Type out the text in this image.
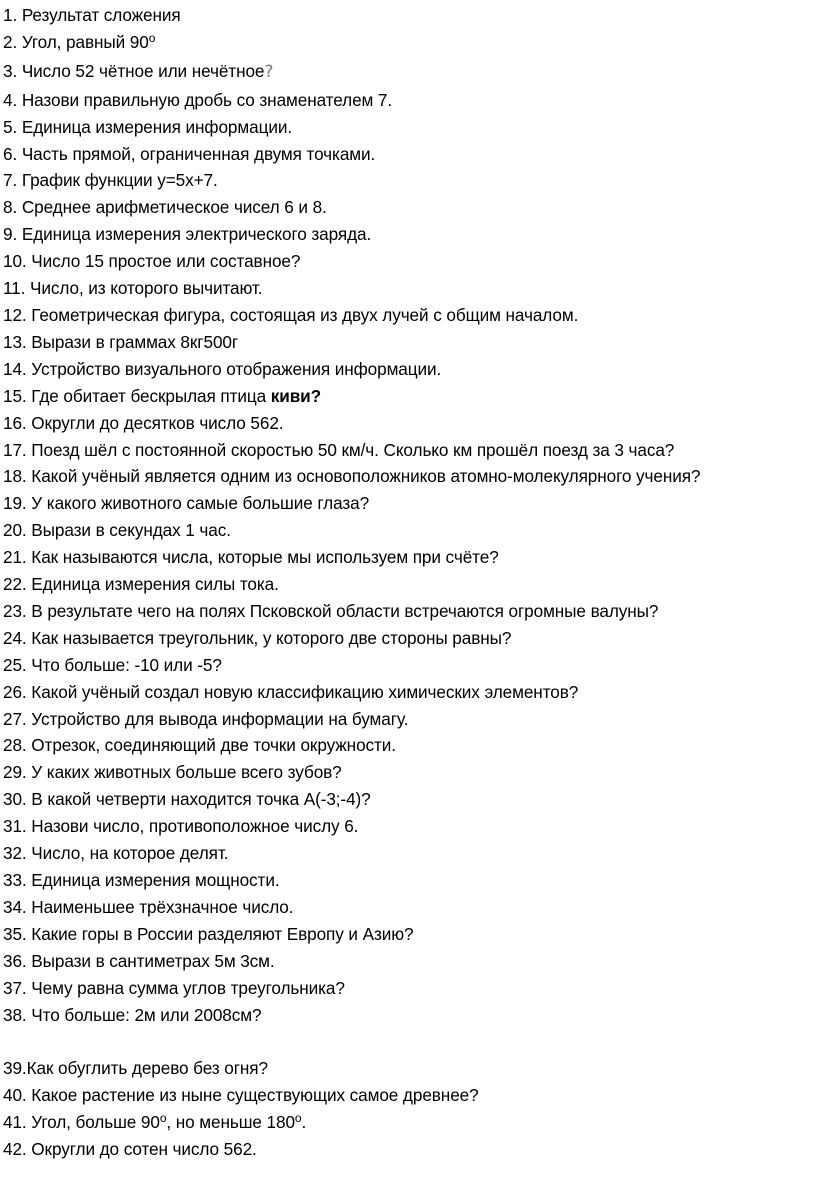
1. Результат сложения
2. Угол, равный $90^о$
3. Число 52 чётное или нечётное?
4. Назови правильную дробь со знаменателем 7.
5. Единица измерения информации.
6. Часть прямой, ограниченная двумя точками.
7. График функции у=5х+7.
8. Среднее арифметическое чисел 6 и 8.
9. Единица измерения электрического заряда.
10. Число 15 простое или составное?
11. Число, из которого вычитают.
12. Геометрическая фигура, состоящая из двух лучей с общим началом.
13. Вырази в граммах 8кг500г
14. Устройство визуального отображения информации.
15. Где обитает бескрылая птица киви?
16. Округли до десятков число 562.
17. Поезд шёл с постоянной скоростью 50 км/ч. Сколько км прошёл поезд за 3 часа?
18. Какой учёный является одним из основоположников атомно-молекулярного учения?
19. У какого животного самые большие глаза?
20. Вырази в секундах 1 час.
21. Как называются числа, которые мы используем при счёте?
22. Единица измерения силы тока.
23. В результате чего на полях Псковской области встречаются огромные валуны?
24. Как называется треугольник, у которого две стороны равны?
25. Что больше: -10 или -5?
26. Какой учёный создал новую классификацию химических элементов?
27. Устройство для вывода информации на бумагу.
28. Отрезок, соединяющий две точки окружности.
29. У каких животных больше всего зубов?
30. В какой четверти находится точка А(-3;-4)?
31. Назови число, противоположное числу 6.
32. Число, на которое делят.
33. Единица измерения мощности.
34. Наименьшее трёхзначное число.
35. Какие горы в России разделяют Европу и Азию?
36. Вырази в сантиметрах 5м 3см.
37. Чему равна сумма углов треугольника?
38. Что больше: 2м или 2008см?
39.Как обуглить дерево без огня?
40. Какое растение из ныне существующих самое древнее?
41. Угол, больше $90^о$, но меньше $180^о$.
42. Округли до сотен число 562.
